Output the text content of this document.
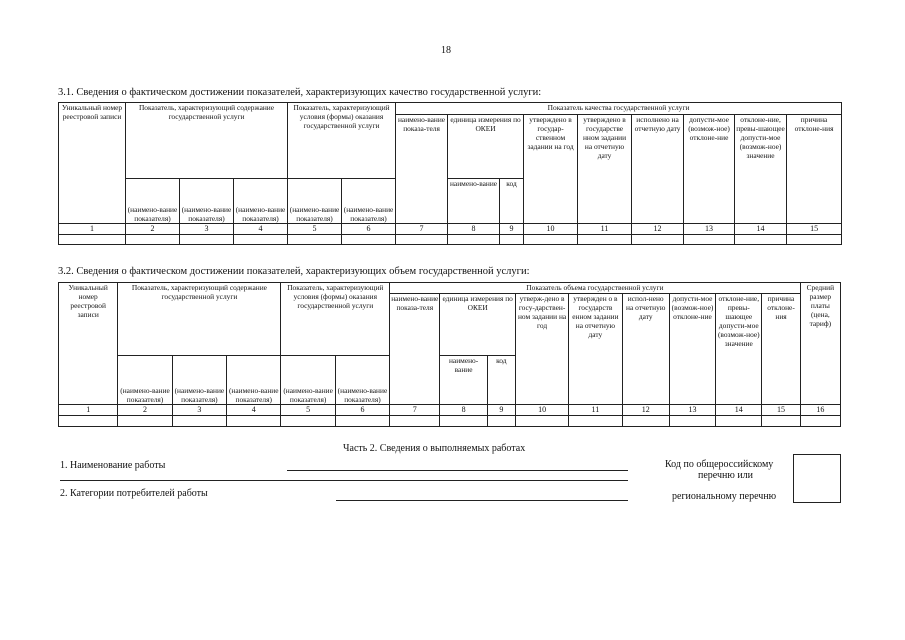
18
3.1. Сведения о фактическом достижении показателей, характеризующих качество государственной услуги:
Уникальный номер реестровой записи	Показатель, характеризующий содержание государственной услуги			Показатель, характеризующий условия (формы) оказания государственной услуги		Показатель качества государственной услуги								
						наимено-вание показа-теля	единица измерения по ОКЕИ		утверждено в государ-ственном задании на год	утверждено в государстве нном задании на отчетную дату	исполнено на отчетную дату	допусти-мое (возмож-ное) отклоне-ние	отклоне-ние, превы-шающее допусти-мое (возмож-ное) значение	причина отклоне-ния
	(наимено-вание показателя)	(наимено-вание показателя)	(наимено-вание показателя)	(наимено-вание показателя)	(наимено-вание показателя)		наимено-вание	код						
1	2	3	4	5	6	7	8	9	10	11	12	13	14	15

3.2. Сведения о фактическом достижении показателей, характеризующих объем государственной услуги:
Уникальный номер реестровой записи	Показатель, характеризующий содержание государственной услуги			Показатель, характеризующий условия (формы) оказания государственной услуги		Показатель объема государственной услуги									Средний размер платы (цена, тариф)
						наимено-вание показа-теля	единица измерения по ОКЕИ		утверж-дено в госу-дарствен-ном задании на год	утвержден о в государств енном задании на отчетную дату	испол-нено на отчетную дату	допусти-мое (возмож-ное) отклоне-ние	отклоне-ние, превы-шающее допусти-мое (возмож-ное) значение	причина отклоне-ния	
	(наимено-вание показателя)	(наимено-вание показателя)	(наимено-вание показателя)	(наимено-вание показателя)	(наимено-вание показателя)		наимено-вание	код							
1	2	3	4	5	6	7	8	9	10	11	12	13	14	15	16

Часть 2. Сведения о выполняемых работах
1. Наименование работы
2. Категории потребителей работы
Код по общероссийскому
перечню или
региональному перечню
